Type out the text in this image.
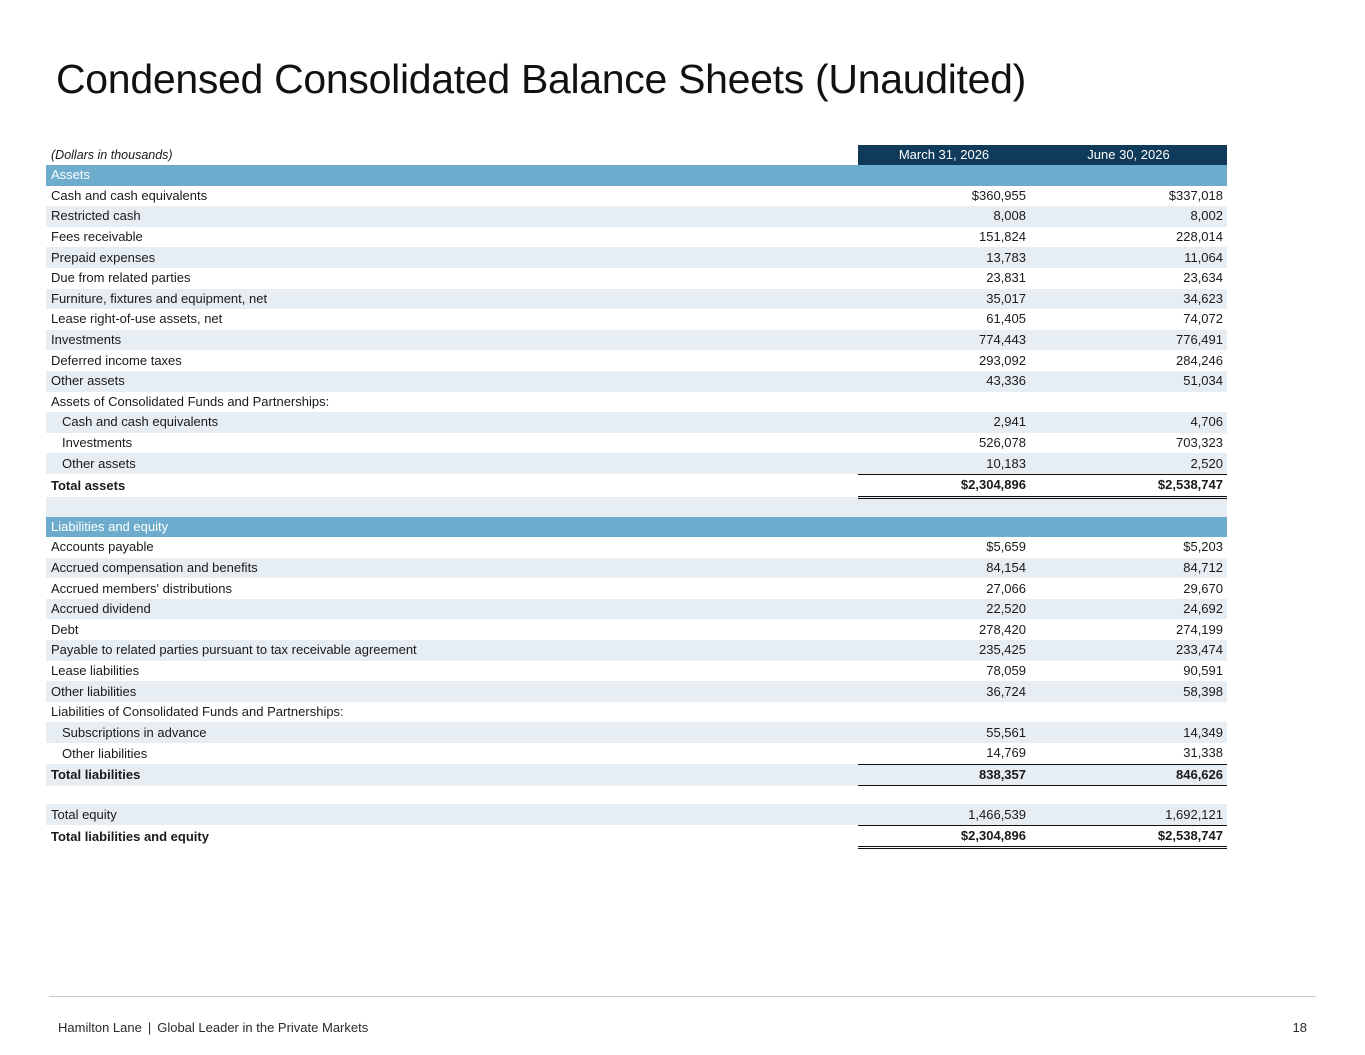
Condensed Consolidated Balance Sheets (Unaudited)
(Dollars in thousands)	March 31, 2026	June 30, 2026
Assets		
Cash and cash equivalents	$360,955	$337,018
Restricted cash	8,008	8,002
Fees receivable	151,824	228,014
Prepaid expenses	13,783	11,064
Due from related parties	23,831	23,634
Furniture, fixtures and equipment, net	35,017	34,623
Lease right-of-use assets, net	61,405	74,072
Investments	774,443	776,491
Deferred income taxes	293,092	284,246
Other assets	43,336	51,034
Assets of Consolidated Funds and Partnerships:		
Cash and cash equivalents	2,941	4,706
Investments	526,078	703,323
Other assets	10,183	2,520
Total assets	$2,304,896	$2,538,747

Liabilities and equity		
Accounts payable	$5,659	$5,203
Accrued compensation and benefits	84,154	84,712
Accrued members' distributions	27,066	29,670
Accrued dividend	22,520	24,692
Debt	278,420	274,199
Payable to related parties pursuant to tax receivable agreement	235,425	233,474
Lease liabilities	78,059	90,591
Other liabilities	36,724	58,398
Liabilities of Consolidated Funds and Partnerships:		
Subscriptions in advance	55,561	14,349
Other liabilities	14,769	31,338
Total liabilities	838,357	846,626

Total equity	1,466,539	1,692,121
Total liabilities and equity	$2,304,896	$2,538,747
Hamilton Lane | Global Leader in the Private Markets	18
